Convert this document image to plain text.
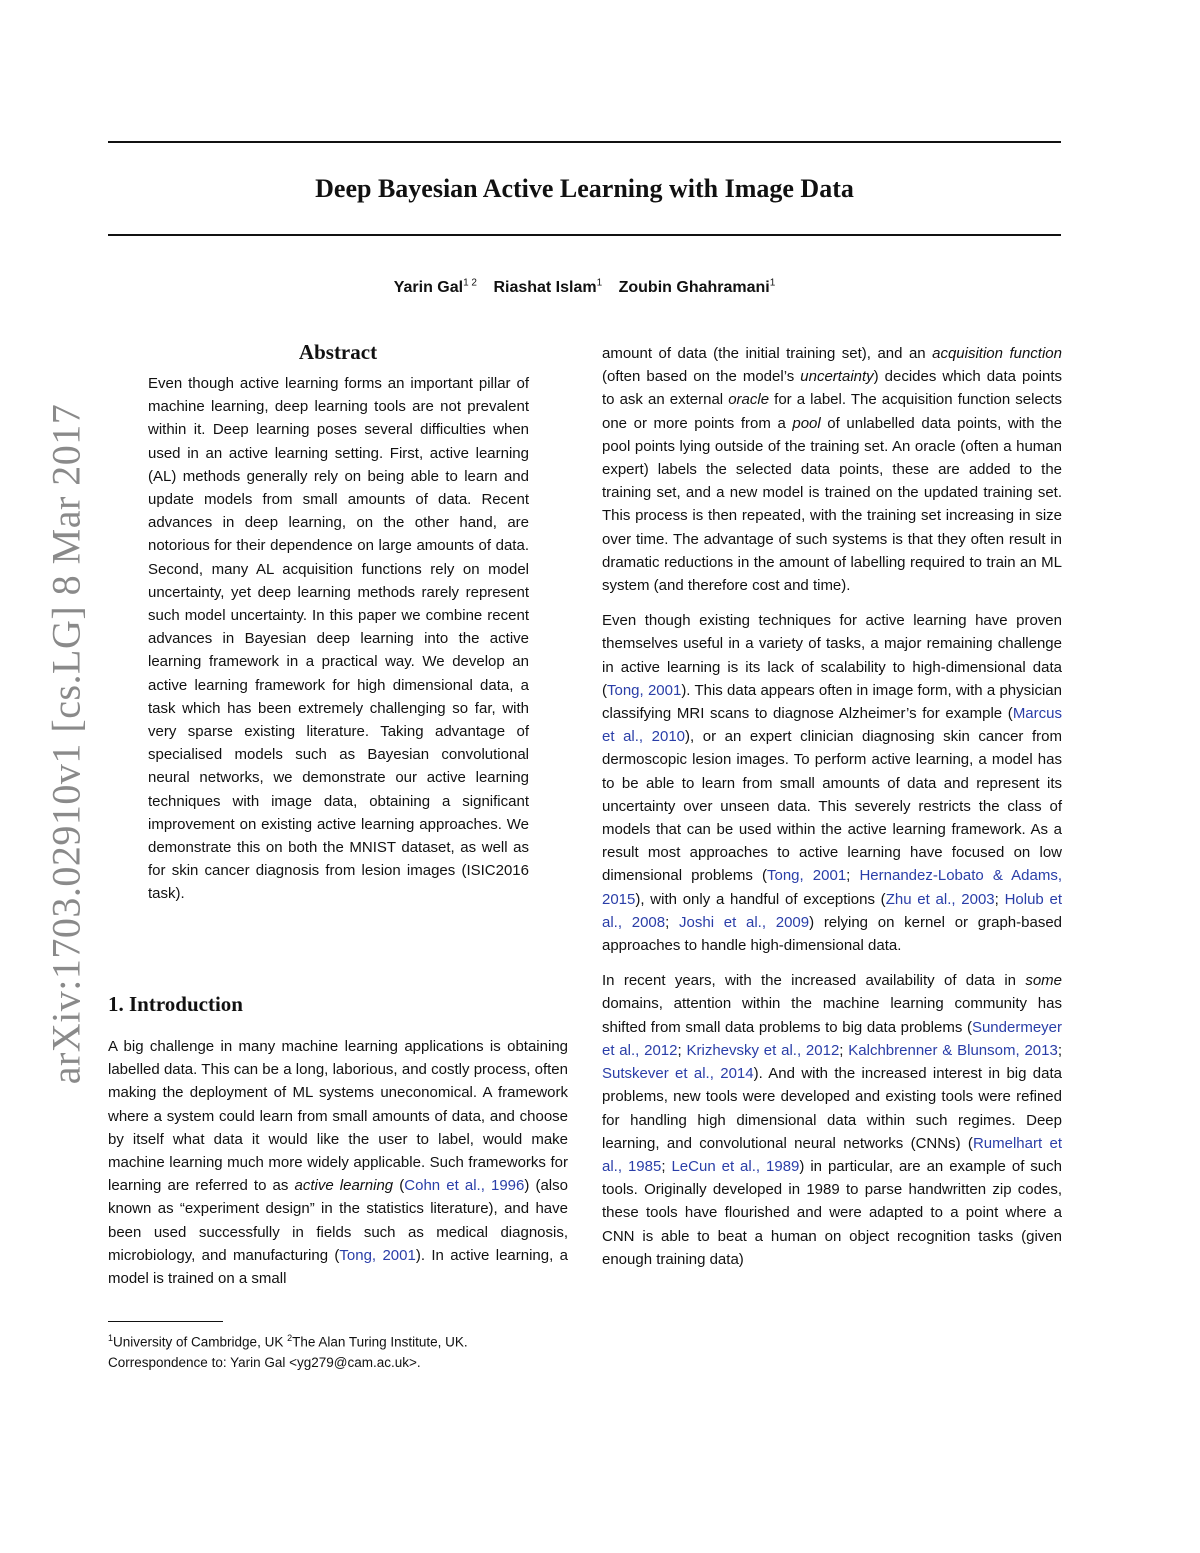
Deep Bayesian Active Learning with Image Data
Yarin Gal$^{1 2}$ Riashat Islam$^1$ Zoubin Ghahramani$^1$
arXiv:1703.02910v1 [cs.LG] 8 Mar 2017
Abstract

Even though active learning forms an important pillar of machine learning, deep learning tools are not prevalent within it. Deep learning poses several difficulties when used in an active learning setting. First, active learning (AL) methods generally rely on being able to learn and update models from small amounts of data. Recent advances in deep learning, on the other hand, are notorious for their dependence on large amounts of data. Second, many AL acquisition functions rely on model uncertainty, yet deep learning methods rarely represent such model uncertainty. In this paper we combine recent advances in Bayesian deep learning into the active learning framework in a practical way. We develop an active learning framework for high dimensional data, a task which has been extremely challenging so far, with very sparse existing literature. Taking advantage of specialised models such as Bayesian convolutional neural networks, we demonstrate our active learning techniques with image data, obtaining a significant improvement on existing active learning approaches. We demonstrate this on both the MNIST dataset, as well as for skin cancer diagnosis from lesion images (ISIC2016 task).

1. Introduction

A big challenge in many machine learning applications is obtaining labelled data. This can be a long, laborious, and costly process, often making the deployment of ML systems uneconomical. A framework where a system could learn from small amounts of data, and choose by itself what data it would like the user to label, would make machine learning much more widely applicable. Such frameworks for learning are referred to as active learning (Cohn et al., 1996) (also known as “experiment design” in the statistics literature), and have been used successfully in fields such as medical diagnosis, microbiology, and manufacturing (Tong, 2001). In active learning, a model is trained on a small

$^1$University of Cambridge, UK $^2$The Alan Turing Institute, UK.
Correspondence to: Yarin Gal <yg279@cam.ac.uk>.

amount of data (the initial training set), and an acquisition function (often based on the model’s uncertainty) decides which data points to ask an external oracle for a label. The acquisition function selects one or more points from a pool of unlabelled data points, with the pool points lying outside of the training set. An oracle (often a human expert) labels the selected data points, these are added to the training set, and a new model is trained on the updated training set. This process is then repeated, with the training set increasing in size over time. The advantage of such systems is that they often result in dramatic reductions in the amount of labelling required to train an ML system (and therefore cost and time).

Even though existing techniques for active learning have proven themselves useful in a variety of tasks, a major remaining challenge in active learning is its lack of scalability to high-dimensional data (Tong, 2001). This data appears often in image form, with a physician classifying MRI scans to diagnose Alzheimer’s for example (Marcus et al., 2010), or an expert clinician diagnosing skin cancer from dermoscopic lesion images. To perform active learning, a model has to be able to learn from small amounts of data and represent its uncertainty over unseen data. This severely restricts the class of models that can be used within the active learning framework. As a result most approaches to active learning have focused on low dimensional problems (Tong, 2001; Hernandez-Lobato & Adams, 2015), with only a handful of exceptions (Zhu et al., 2003; Holub et al., 2008; Joshi et al., 2009) relying on kernel or graph-based approaches to handle high-dimensional data.

In recent years, with the increased availability of data in some domains, attention within the machine learning community has shifted from small data problems to big data problems (Sundermeyer et al., 2012; Krizhevsky et al., 2012; Kalchbrenner & Blunsom, 2013; Sutskever et al., 2014). And with the increased interest in big data problems, new tools were developed and existing tools were refined for handling high dimensional data within such regimes. Deep learning, and convolutional neural networks (CNNs) (Rumelhart et al., 1985; LeCun et al., 1989) in particular, are an example of such tools. Originally developed in 1989 to parse handwritten zip codes, these tools have flourished and were adapted to a point where a CNN is able to beat a human on object recognition tasks (given enough training data)
